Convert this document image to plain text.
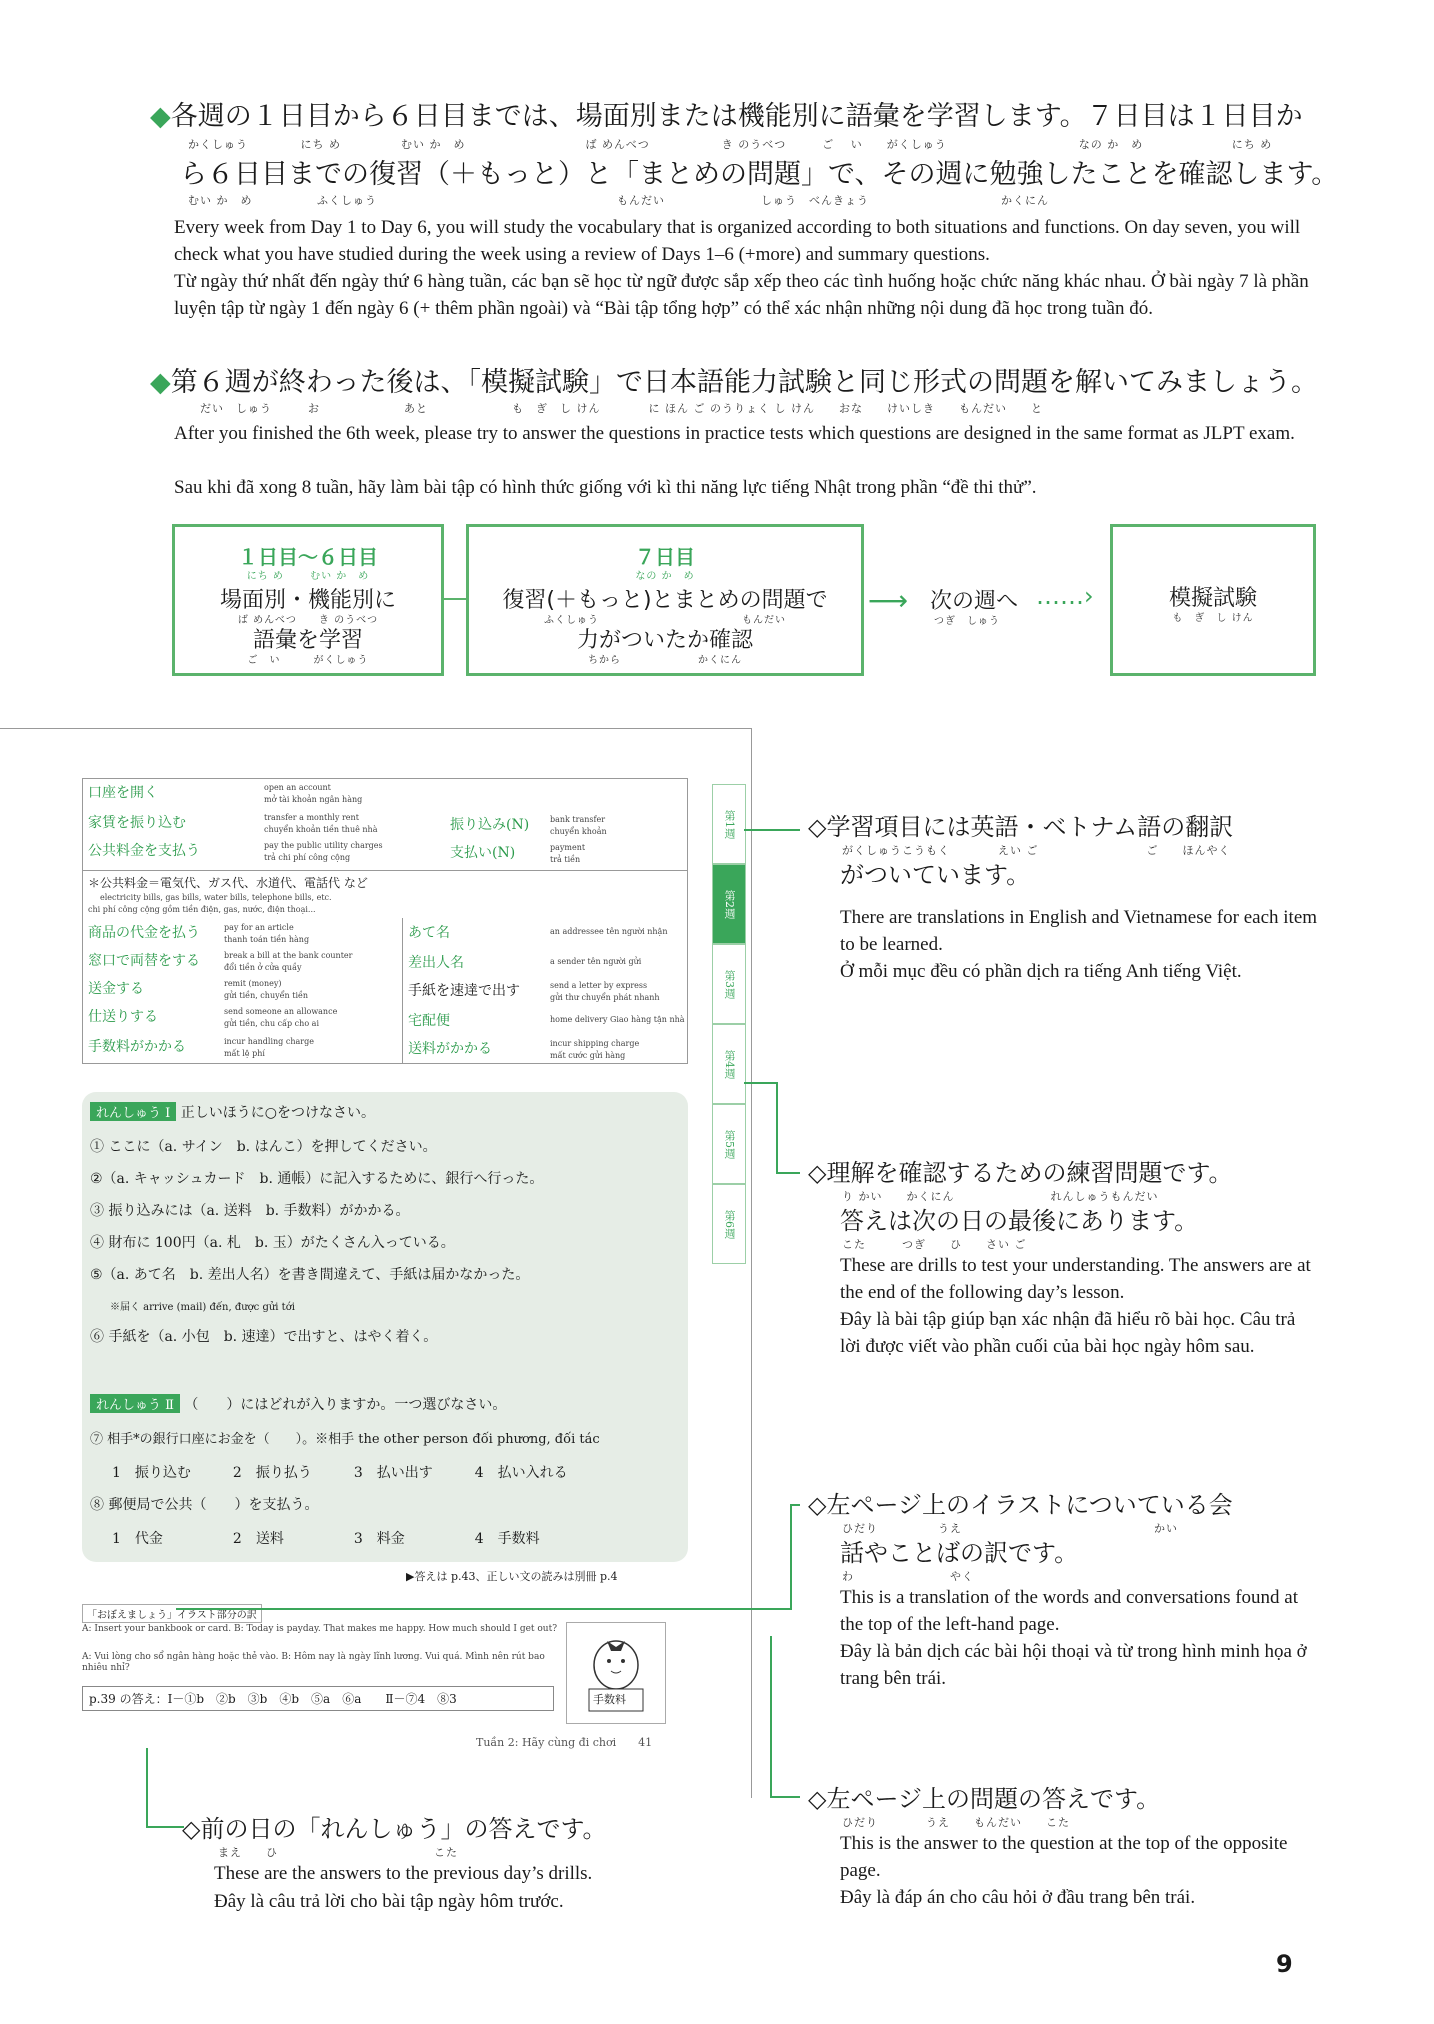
◆各週の１日目から６日目までは、場面別または機能別に語彙を学習します。７日目は１日目か
かくしゅう　　　　 にち め　　　　　むい か　め　　　　　　　　　　ば めんべつ　　　　　　き のうべつ　　　ご　 い　　がくしゅう　　　　　　　　　　　なの か　め　　　　　　　 にち め
ら６日目までの復習（＋もっと）と「まとめの問題」で、その週に勉強したことを確認します。
むい か　め　　　　　 ふくしゅう　　　　　　　　　　　　　　　　　　　　もんだい　　　　　　　　しゅう　べんきょう　　　　　　　　　　　かくにん
Every week from Day 1 to Day 6, you will study the vocabulary that is organized according to both situations and functions. On day seven, you will check what you have studied during the week using a review of Days 1–6 (+more) and summary questions.
Từ ngày thứ nhất đến ngày thứ 6 hàng tuần, các bạn sẽ học từ ngữ được sắp xếp theo các tình huống hoặc chức năng khác nhau. Ở bài ngày 7 là phần luyện tập từ ngày 1 đến ngày 6 (+ thêm phần ngoài) và “Bài tập tổng hợp” có thể xác nhận những nội dung đã học trong tuần đó.
◆第６週が終わった後は、「模擬試験」で日本語能力試験と同じ形式の問題を解いてみましょう。
だい　しゅう　　　お　　　　　　　あと　　　　　　　も　ぎ　し けん　　　　に ほん ご のうりょく し けん　　おな　　けいしき　　もんだい　　と
After you finished the 6th week, please try to answer the questions in practice tests which questions are designed in the same format as JLPT exam.
Sau khi đã xong 8 tuần, hãy làm bài tập có hình thức giống với kì thi năng lực tiếng Nhật trong phần “đề thi thử”.
１日目～６日目
にち め　　 むい か　め
場面別・機能別に
ば めんべつ　　き のうべつ
語彙を学習
ご　い　　　がくしゅう
７日目
なの か　め
復習(＋もっと)とまとめの問題で
ふくしゅう　　　　　　　　　　　　　もんだい
力がついたか確認
ちから　　　　　　　かくにん
⟶ 次の週へ
つぎ　しゅう
……›	模擬試験
も　ぎ　し けん
口座を開く	open an account
mở tài khoản ngân hàng
家賃を振り込む	transfer a monthly rent
chuyển khoản tiền thuê nhà
公共料金を支払う	pay the public utility charges
trả chi phí công cộng
振り込み(N)	bank transfer
chuyển khoản
支払い(N)	payment
trả tiền
＊公共料金＝電気代、ガス代、水道代、電話代 など
electricity bills, gas bills, water bills, telephone bills, etc.
chi phí công cộng gồm tiền điện, gas, nước, điện thoại...
商品の代金を払う	pay for an article
thanh toán tiền hàng
窓口で両替をする	break a bill at the bank counter
đổi tiền ở cửa quầy
送金する	remit (money)
gửi tiền, chuyển tiền
仕送りする	send someone an allowance
gửi tiền, chu cấp cho ai
手数料がかかる	incur handling charge
mất lệ phí
あて名	an addressee tên người nhận
差出人名	a sender tên người gửi
手紙を速達で出す	send a letter by express
gửi thư chuyển phát nhanh
宅配便	home delivery Giao hàng tận nhà
送料がかかる	incur shipping charge
mất cước gửi hàng
第1週
第2週
第3週
第4週
第5週
第6週
れんしゅう Ⅰ 正しいほうに○をつけなさい。
① ここに（a. サイン　b. はんこ）を押してください。
②（a. キャッシュカード　b. 通帳）に記入するために、銀行へ行った。
③ 振り込みには（a. 送料　b. 手数料）がかかる。
④ 財布に 100円（a. 札　b. 玉）がたくさん入っている。
⑤（a. あて名　b. 差出人名）を書き間違えて、手紙は届かなかった。
※届く arrive (mail) đến, được gửi tới
⑥ 手紙を（a. 小包　b. 速達）で出すと、はやく着く。
れんしゅう Ⅱ （　　）にはどれが入りますか。一つ選びなさい。
⑦ 相手*の銀行口座にお金を（　　）。※相手 the other person đối phương, đối tác
1　振り込む　　　2　振り払う　　　3　払い出す　　　4　払い入れる
⑧ 郵便局で公共（　　）を支払う。
1　代金　　　　　2　送料　　　　　3　料金　　　　　4　手数料
▶答えは p.43、正しい文の読みは別冊 p.4
「おぼえましょう」イラスト部分の訳
A: Insert your bankbook or card. B: Today is payday. That makes me happy. How much should I get out?
A: Vui lòng cho sổ ngân hàng hoặc thẻ vào. B: Hôm nay là ngày lĩnh lương. Vui quá. Mình nên rút bao nhiêu nhỉ?
手数料
p.39 の答え：Ⅰ－①b　②b　③b　④b　⑤a　⑥a　　Ⅱ－⑦4　⑧3
Tuần 2: Hãy cùng đi chơi　　41
◇学習項目には英語・ベトナム語の翻訳
がくしゅうこうもく　　　　えい ご　　　　　　　　　ご　　ほんやく
がついています。
There are translations in English and Vietnamese for each item to be learned.
Ở mỗi mục đều có phần dịch ra tiếng Anh tiếng Việt.
◇理解を確認するための練習問題です。
り かい　　かくにん　　　　　　　　れんしゅうもんだい
答えは次の日の最後にあります。
こた　　　つぎ　　ひ　　さい ご
These are drills to test your understanding. The answers are at the end of the following day’s lesson.
Đây là bài tập giúp bạn xác nhận đã hiểu rõ bài học. Câu trả lời được viết vào phần cuối của bài học ngày hôm sau.
◇左ページ上のイラストについている会
ひだり　　　　　うえ　　　　　　　　　　　　　　　　かい
話やことばの訳です。
わ　　　　　　　　やく
This is a translation of the words and conversations found at the top of the left-hand page.
Đây là bản dịch các bài hội thoại và từ trong hình minh họa ở trang bên trái.
◇左ページ上の問題の答えです。
ひだり　　　　うえ　　もんだい　　こた
This is the answer to the question at the top of the opposite page.
Đây là đáp án cho câu hỏi ở đầu trang bên trái.
◇前の日の「れんしゅう」の答えです。
まえ　　ひ　　　　　　　　　　　　　こた
These are the answers to the previous day’s drills.
Đây là câu trả lời cho bài tập ngày hôm trước.
9
